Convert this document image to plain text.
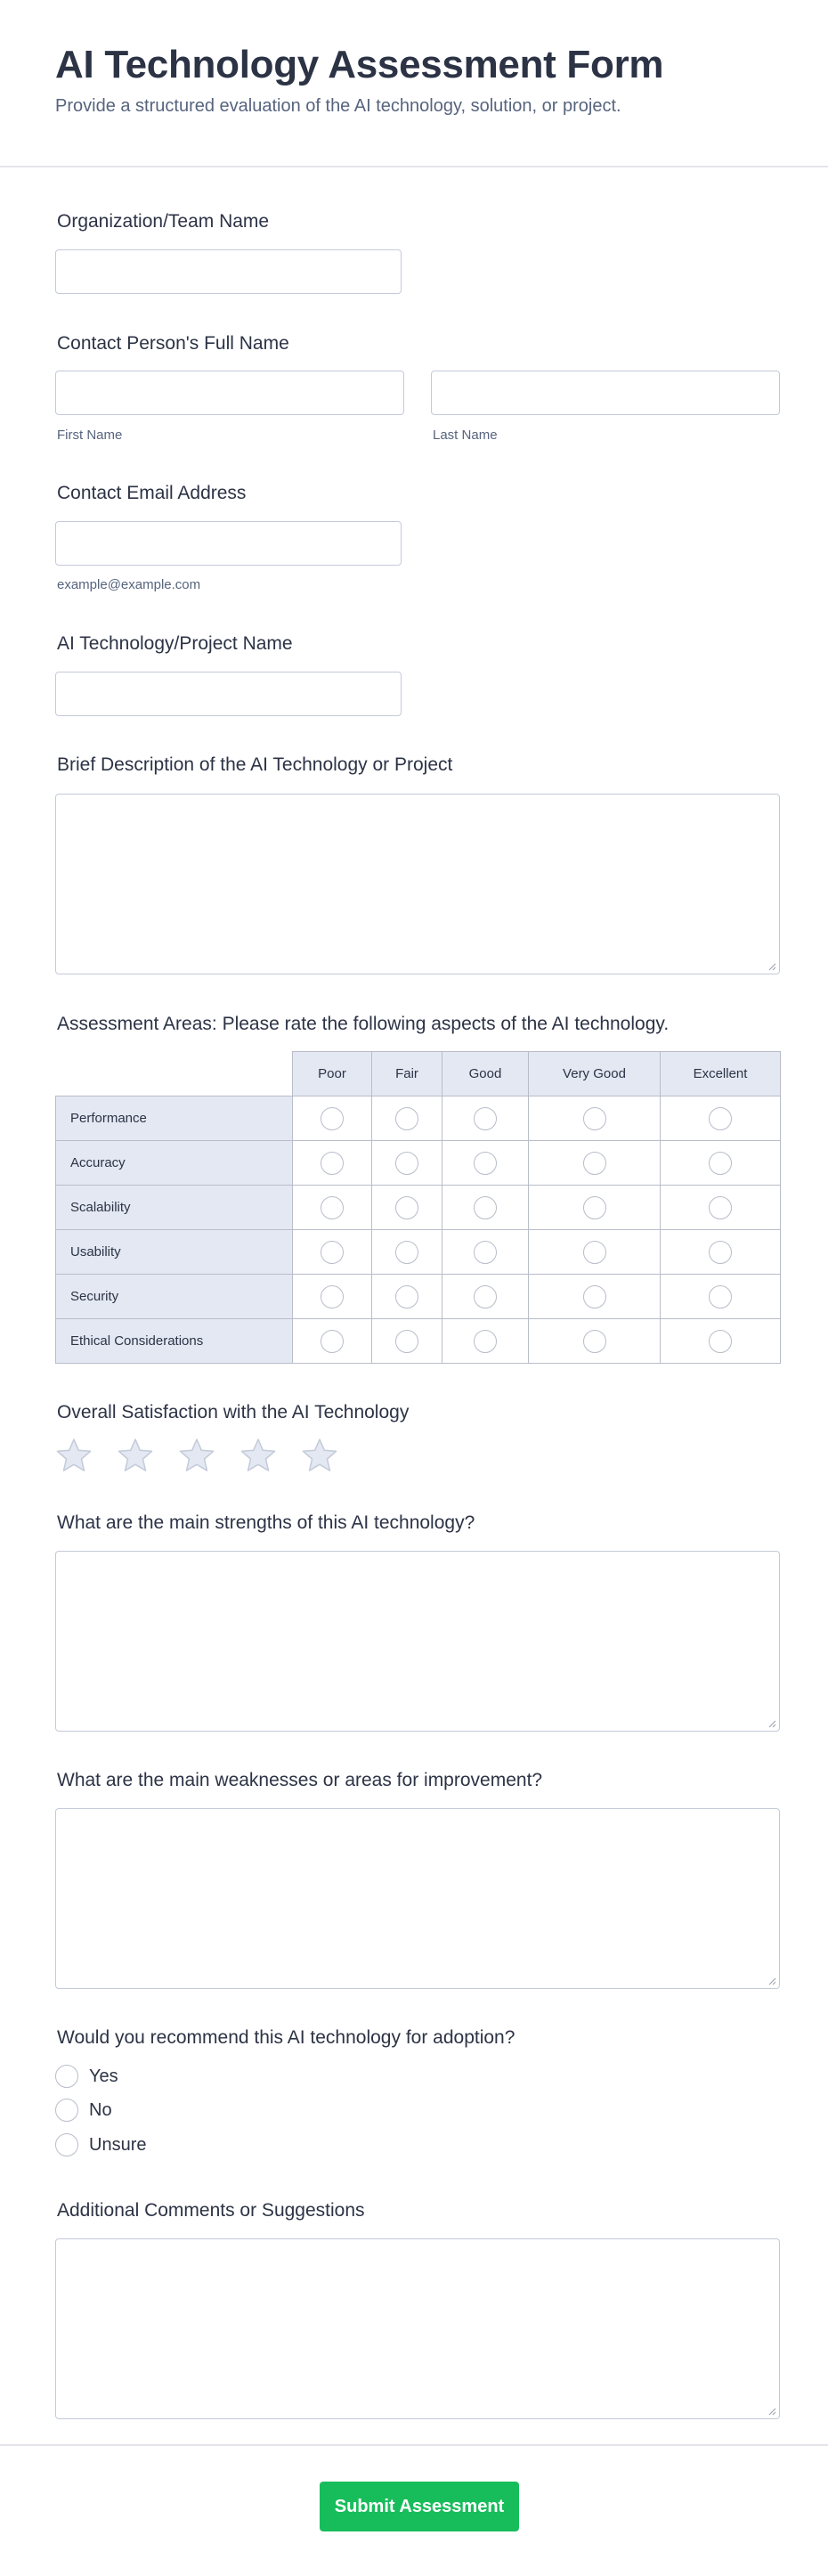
AI Technology Assessment Form
Provide a structured evaluation of the AI technology, solution, or project.
Organization/Team Name
Contact Person's Full Name
First Name	Last Name
Contact Email Address
example@example.com
AI Technology/Project Name
Brief Description of the AI Technology or Project
Assessment Areas: Please rate the following aspects of the AI technology.
	Poor	Fair	Good	Very Good	Excellent
Performance					
Accuracy					
Scalability					
Usability					
Security					
Ethical Considerations					
Overall Satisfaction with the AI Technology
What are the main strengths of this AI technology?
What are the main weaknesses or areas for improvement?
Would you recommend this AI technology for adoption?
Yes
No
Unsure
Additional Comments or Suggestions
Submit Assessment
